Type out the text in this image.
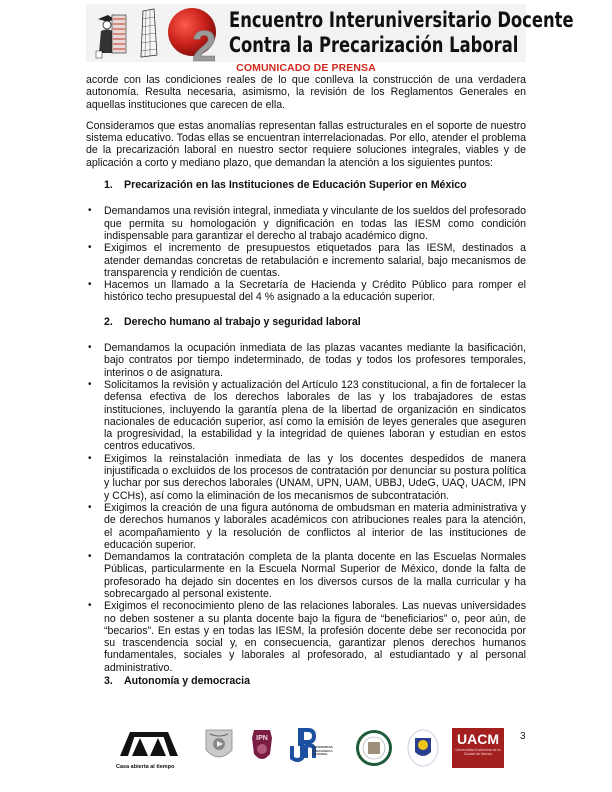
2
Encuentro Interuniversitario Docente
Contra la Precarización Laboral
COMUNICADO DE PRENSA

acorde con las condiciones reales de lo que conlleva la construcción de una verdadera autonomía. Resulta necesaria, asimismo, la revisión de los Reglamentos Generales en aquellas instituciones que carecen de ella.

Consideramos que estas anomalías representan fallas estructurales en el soporte de nuestro sistema educativo. Todas ellas se encuentran interrelacionadas. Por ello, atender el problema de la precarización laboral en nuestro sector requiere soluciones integrales, viables y de aplicación a corto y mediano plazo, que demandan la atención a los siguientes puntos:

1. Precarización en las Instituciones de Educación Superior en México
• Demandamos una revisión integral, inmediata y vinculante de los sueldos del profesorado que permita su homologación y dignificación en todas las IESM como condición indispensable para garantizar el derecho al trabajo académico digno.
• Exigimos el incremento de presupuestos etiquetados para las IESM, destinados a atender demandas concretas de retabulación e incremento salarial, bajo mecanismos de transparencia y rendición de cuentas.
• Hacemos un llamado a la Secretaría de Hacienda y Crédito Público para romper el histórico techo presupuestal del 4 % asignado a la educación superior.
2. Derecho humano al trabajo y seguridad laboral
• Demandamos la ocupación inmediata de las plazas vacantes mediante la basificación, bajo contratos por tiempo indeterminado, de todas y todos los profesores temporales, interinos o de asignatura.
• Solicitamos la revisión y actualización del Artículo 123 constitucional, a fin de fortalecer la defensa efectiva de los derechos laborales de las y los trabajadores de estas instituciones, incluyendo la garantía plena de la libertad de organización en sindicatos nacionales de educación superior, así como la emisión de leyes generales que aseguren la progresividad, la estabilidad y la integridad de quienes laboran y estudian en estos centros educativos.
• Exigimos la reinstalación inmediata de las y los docentes despedidos de manera injustificada o excluidos de los procesos de contratación por denunciar su postura política y luchar por sus derechos laborales (UNAM, UPN, UAM, UBBJ, UdeG, UAQ, UACM, IPN y CCHs), así como la eliminación de los mecanismos de subcontratación.
• Exigimos la creación de una figura autónoma de ombudsman en materia administrativa y de derechos humanos y laborales académicos con atribuciones reales para la atención, el acompañamiento y la resolución de conflictos al interior de las instituciones de educación superior.
• Demandamos la contratación completa de la planta docente en las Escuelas Normales Públicas, particularmente en la Escuela Normal Superior de México, donde la falta de profesorado ha dejado sin docentes en los diversos cursos de la malla curricular y ha sobrecargado al personal existente.
• Exigimos el reconocimiento pleno de las relaciones laborales. Las nuevas universidades no deben sostener a su planta docente bajo la figura de “beneficiarios” o, peor aún, de “becarios”. En estas y en todas las IESM, la profesión docente debe ser reconocida por su trascendencia social y, en consecuencia, garantizar plenos derechos humanos fundamentales, sociales y laborales al profesorado, al estudiantado y al personal administrativo.
3. Autonomía y democracia
Casa abierta al tiempo
IPN
UNIVERSIDAD PEDAGÓGICA NACIONAL
UACM
Universidad Autónoma de la Ciudad de México
3
